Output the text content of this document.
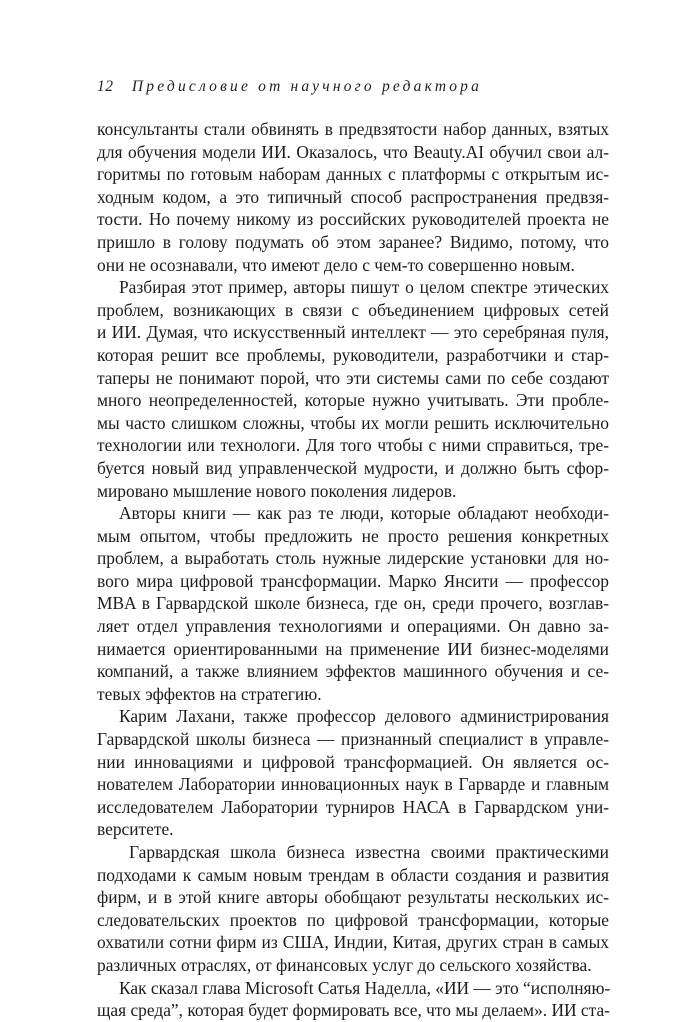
12 Предисловие от научного редактора
консультанты стали обвинять в предвзятости набор данных, взятых
для обучения модели ИИ. Оказалось, что Beauty.AI обучил свои ал-
горитмы по готовым наборам данных с платформы с открытым ис-
ходным кодом, а это типичный способ распространения предвзя-
тости. Но почему никому из российских руководителей проекта не
пришло в голову подумать об этом заранее? Видимо, потому, что
они не осознавали, что имеют дело с чем-то совершенно новым.
Разбирая этот пример, авторы пишут о целом спектре этических
проблем, возникающих в связи с объединением цифровых сетей
и ИИ. Думая, что искусственный интеллект — это серебряная пуля,
которая решит все проблемы, руководители, разработчики и стар-
таперы не понимают порой, что эти системы сами по себе создают
много неопределенностей, которые нужно учитывать. Эти пробле-
мы часто слишком сложны, чтобы их могли решить исключительно
технологии или технологи. Для того чтобы с ними справиться, тре-
буется новый вид управленческой мудрости, и должно быть сфор-
мировано мышление нового поколения лидеров.
Авторы книги — как раз те люди, которые обладают необходи-
мым опытом, чтобы предложить не просто решения конкретных
проблем, а выработать столь нужные лидерские установки для но-
вого мира цифровой трансформации. Марко Янсити — профессор
MBA в Гарвардской школе бизнеса, где он, среди прочего, возглав-
ляет отдел управления технологиями и операциями. Он давно за-
нимается ориентированными на применение ИИ бизнес-моделями
компаний, а также влиянием эффектов машинного обучения и се-
тевых эффектов на стратегию.
Карим Лахани, также профессор делового администрирования
Гарвардской школы бизнеса — признанный специалист в управле-
нии инновациями и цифровой трансформацией. Он является ос-
нователем Лаборатории инновационных наук в Гарварде и главным
исследователем Лаборатории турниров НАСА в Гарвардском уни-
верситете.
Гарвардская школа бизнеса известна своими практическими
подходами к самым новым трендам в области создания и развития
фирм, и в этой книге авторы обобщают результаты нескольких ис-
следовательских проектов по цифровой трансформации, которые
охватили сотни фирм из США, Индии, Китая, других стран в самых
различных отраслях, от финансовых услуг до сельского хозяйства.
Как сказал глава Microsoft Сатья Наделла, «ИИ — это “исполняю-
щая среда”, которая будет формировать все, что мы делаем». ИИ ста-
